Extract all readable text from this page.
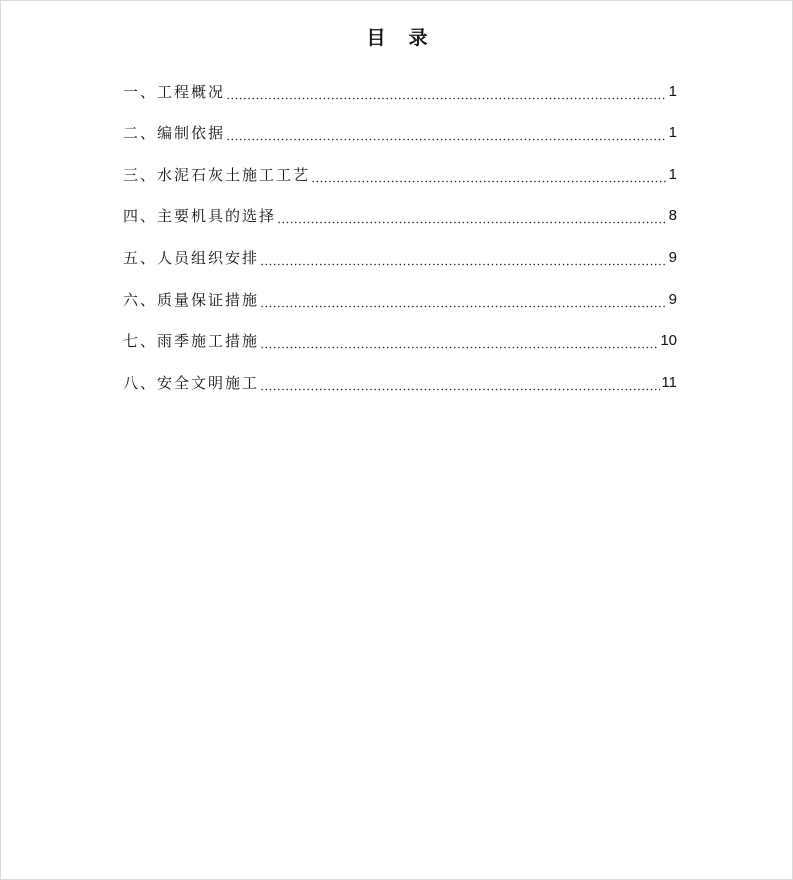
目 录
一、 工程概况	1
二、 编制依据	1
三、 水泥石灰土施工工艺	1
四、 主要机具的选择	8
五、 人员组织安排	9
六、 质量保证措施	9
七、 雨季施工措施	10
八、 安全文明施工	11
